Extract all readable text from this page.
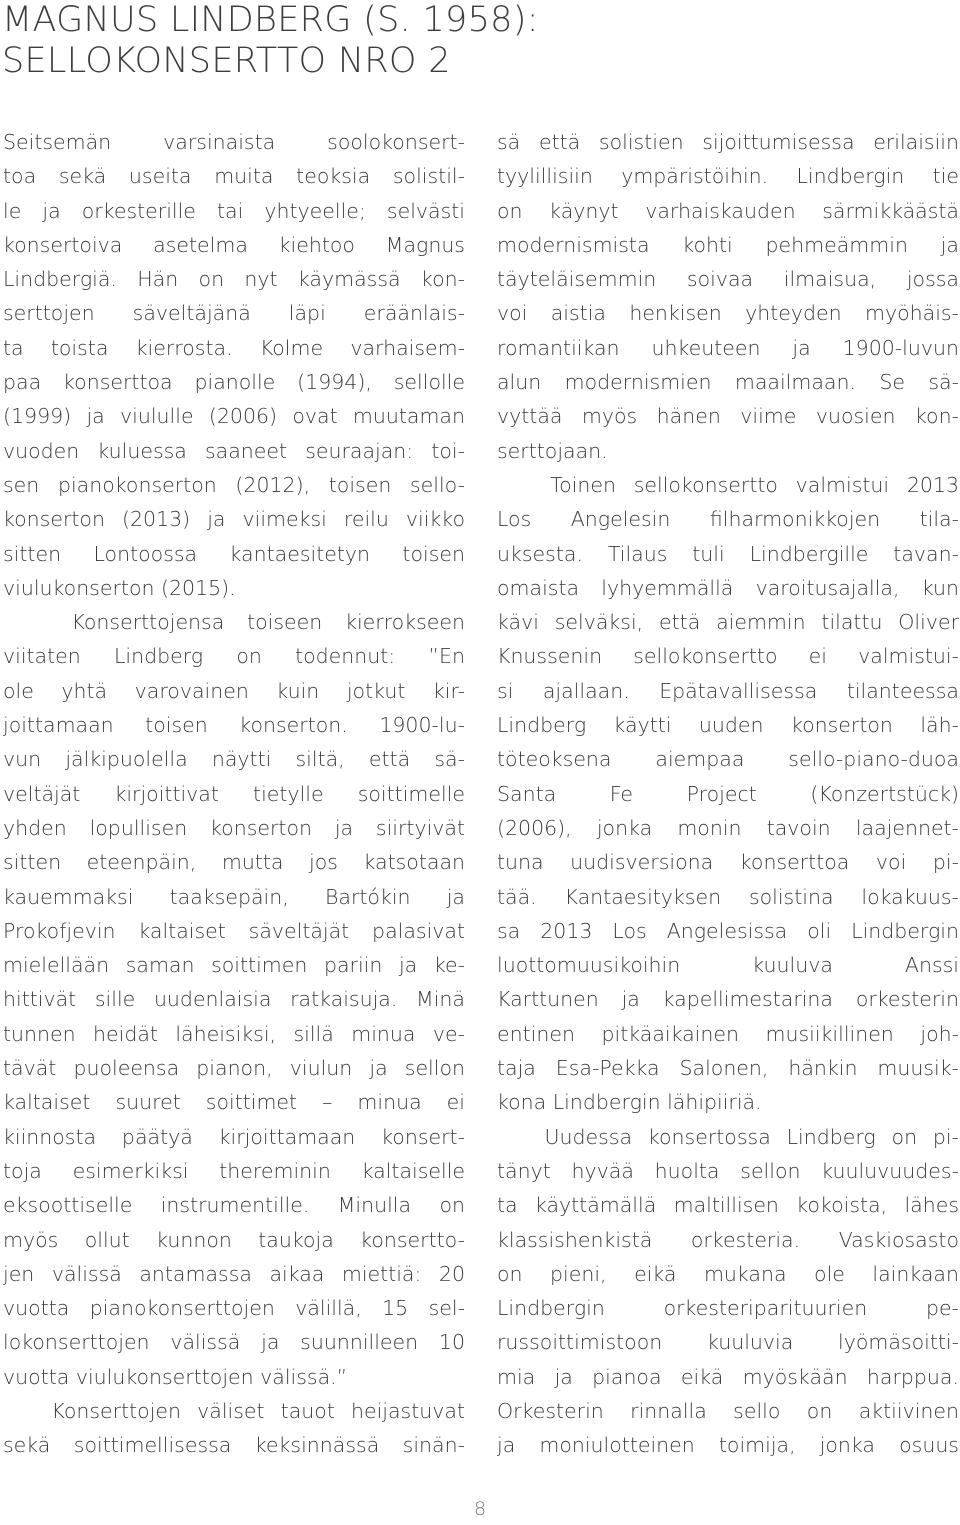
MAGNUS LINDBERG (S. 1958):
SELLOKONSERTTO NRO 2
Seitsemän varsinaista soolokonsert-
toa sekä useita muita teoksia solistil-
le ja orkesterille tai yhtyeelle; selvästi
konsertoiva asetelma kiehtoo Magnus
Lindbergiä. Hän on nyt käymässä kon-
serttojen säveltäjänä läpi eräänlais-
ta toista kierrosta. Kolme varhaisem-
paa konserttoa pianolle (1994), sellolle
(1999) ja viululle (2006) ovat muutaman
vuoden kuluessa saaneet seuraajan: toi-
sen pianokonserton (2012), toisen sello-
konserton (2013) ja viimeksi reilu viikko
sitten Lontoossa kantaesitetyn toisen
viulukonserton (2015).
Konserttojensa toiseen kierrokseen
viitaten Lindberg on todennut: ”En
ole yhtä varovainen kuin jotkut kir-
joittamaan toisen konserton. 1900-lu-
vun jälkipuolella näytti siltä, että sä-
veltäjät kirjoittivat tietylle soittimelle
yhden lopullisen konserton ja siirtyivät
sitten eteenpäin, mutta jos katsotaan
kauemmaksi taaksepäin, Bartókin ja
Prokofjevin kaltaiset säveltäjät palasivat
mielellään saman soittimen pariin ja ke-
hittivät sille uudenlaisia ratkaisuja. Minä
tunnen heidät läheisiksi, sillä minua ve-
tävät puoleensa pianon, viulun ja sellon
kaltaiset suuret soittimet – minua ei
kiinnosta päätyä kirjoittamaan konsert-
toja esimerkiksi thereminin kaltaiselle
eksoottiselle instrumentille. Minulla on
myös ollut kunnon taukoja konsertto-
jen välissä antamassa aikaa miettiä: 20
vuotta pianokonserttojen välillä, 15 sel-
lokonserttojen välissä ja suunnilleen 10
vuotta viulukonserttojen välissä.”
Konserttojen väliset tauot heijastuvat
sekä soittimellisessa keksinnässä sinän-
sä että solistien sijoittumisessa erilaisiin
tyylillisiin ympäristöihin. Lindbergin tie
on käynyt varhaiskauden särmikkäästä
modernismista kohti pehmeämmin ja
täyteläisemmin soivaa ilmaisua, jossa
voi aistia henkisen yhteyden myöhäis-
romantiikan uhkeuteen ja 1900-luvun
alun modernismien maailmaan. Se sä-
vyttää myös hänen viime vuosien kon-
serttojaan.
Toinen sellokonsertto valmistui 2013
Los Angelesin filharmonikkojen tila-
uksesta. Tilaus tuli Lindbergille tavan-
omaista lyhyemmällä varoitusajalla, kun
kävi selväksi, että aiemmin tilattu Oliver
Knussenin sellokonsertto ei valmistui-
si ajallaan. Epätavallisessa tilanteessa
Lindberg käytti uuden konserton läh-
töteoksena aiempaa sello-piano-duoa
Santa Fe Project (Konzertstück)
(2006), jonka monin tavoin laajennet-
tuna uudisversiona konserttoa voi pi-
tää. Kantaesityksen solistina lokakuus-
sa 2013 Los Angelesissa oli Lindbergin
luottomuusikoihin kuuluva Anssi
Karttunen ja kapellimestarina orkesterin
entinen pitkäaikainen musiikillinen joh-
taja Esa-Pekka Salonen, hänkin muusik-
kona Lindbergin lähipiiriä.
Uudessa konsertossa Lindberg on pi-
tänyt hyvää huolta sellon kuuluvuudes-
ta käyttämällä maltillisen kokoista, lähes
klassishenkistä orkesteria. Vaskiosasto
on pieni, eikä mukana ole lainkaan
Lindbergin orkesteriparituurien pe-
russoittimistoon kuuluvia lyömäsoitti-
mia ja pianoa eikä myöskään harppua.
Orkesterin rinnalla sello on aktiivinen
ja moniulotteinen toimija, jonka osuus
8
